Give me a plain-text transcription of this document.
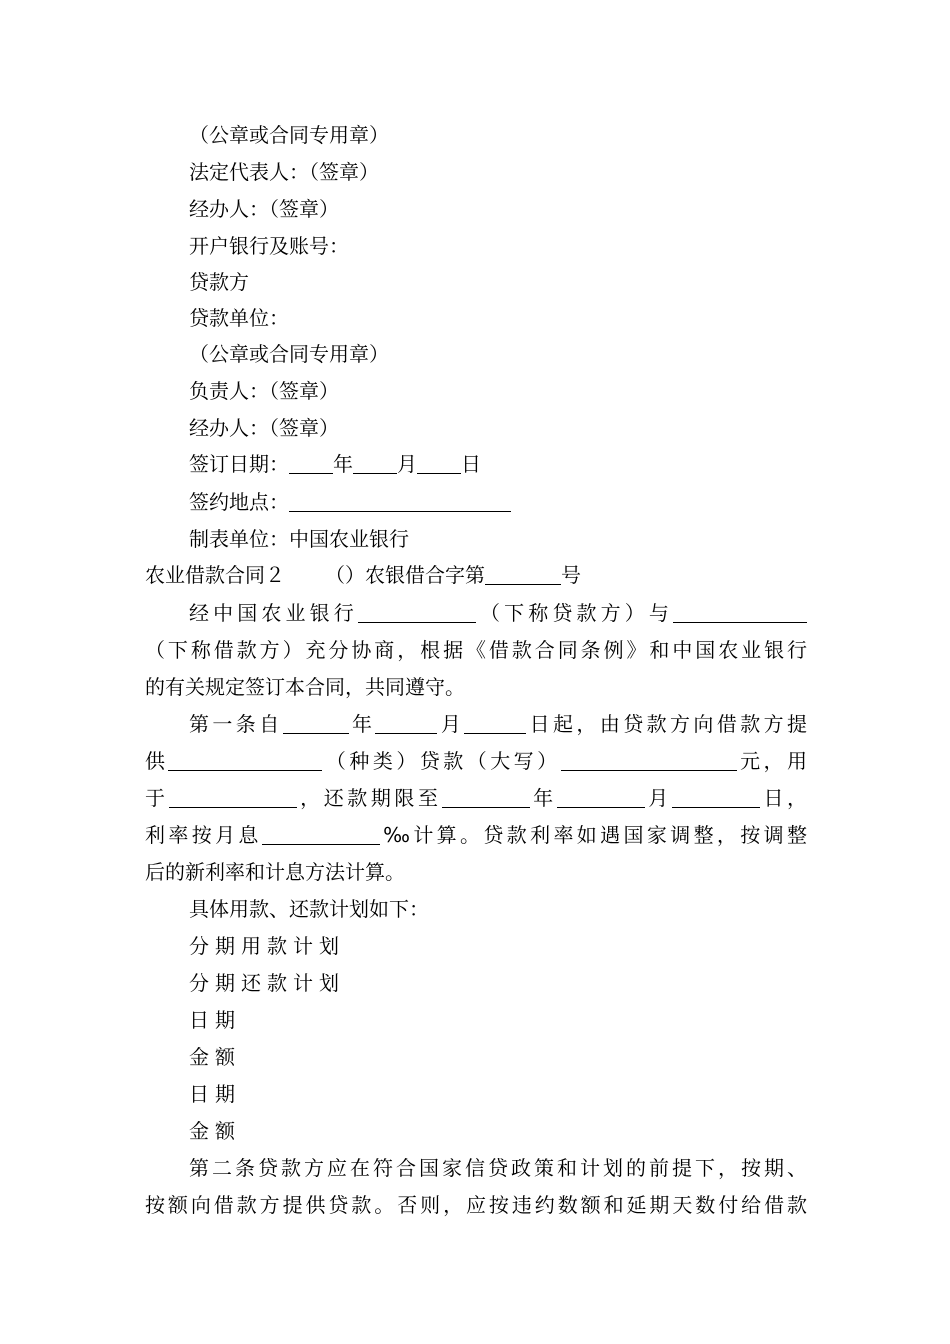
（公章或合同专用章）
法定代表人：（签章）
经办人：（签章）
开户银行及账号：
贷款方
贷款单位：
（公章或合同专用章）
负责人：（签章）
经办人：（签章）
签订日期： 年 月 日
签约地点：
制表单位：中国农业银行
农业借款合同２ （）农银借合字第	号
经中国农业银行	（下称贷款方）与
（下称借款方）充分协商，根据《借款合同条例》和中国农业银行
的有关规定签订本合同，共同遵守。
第一条自	年	月	日起，由贷款方向借款方提
供	（种类）贷款（大写）	元，用
于	，还款期限至	年	月	日，
利率按月息	‰计算。贷款利率如遇国家调整，按调整
后的新利率和计息方法计算。
具体用款、还款计划如下：
分期用款计划
分期还款计划
日期
金额
日期
金额
第二条贷款方应在符合国家信贷政策和计划的前提下，按期、
按额向借款方提供贷款。否则，应按违约数额和延期天数付给借款
